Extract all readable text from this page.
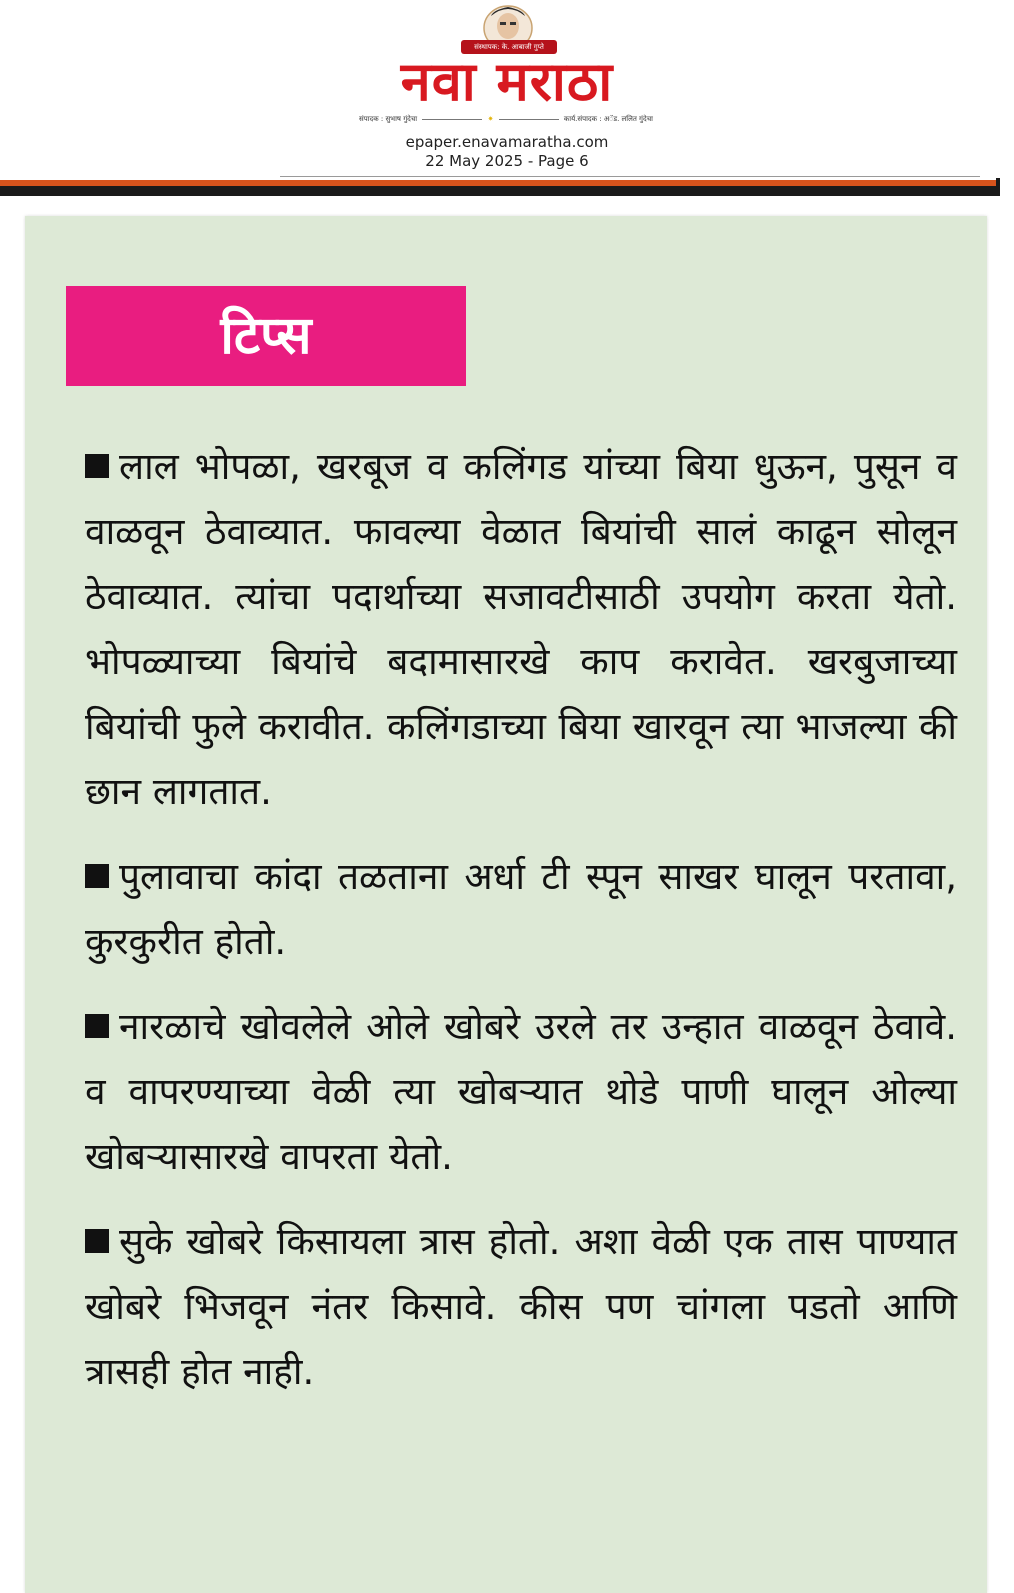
संस्थापक: के. आबाजी गुप्ते
नवा मराठा
संपादक : सुभाष गुंदेचा	✷	कार्य.संपादक : अॅड. ललित गुंदेचा
epaper.enavamaratha.com
22 May 2025 - Page 6
टिप्स

लाल भोपळा, खरबूज व कलिंगड यांच्या बिया धुऊन, पुसून व वाळवून ठेवाव्यात. फावल्या वेळात बियांची सालं काढून सोलून ठेवाव्यात. त्यांचा पदार्थाच्या सजावटीसाठी उपयोग करता येतो. भोपळ्याच्या बियांचे बदामासारखे काप करावेत. खरबुजाच्या बियांची फुले करावीत. कलिंगडाच्या बिया खारवून त्या भाजल्या की छान लागतात.

पुलावाचा कांदा तळताना अर्धा टी स्पून साखर घालून परतावा, कुरकुरीत होतो.

नारळाचे खोवलेले ओले खोबरे उरले तर उन्हात वाळवून ठेवावे. व वापरण्याच्या वेळी त्या खोबऱ्यात थोडे पाणी घालून ओल्या खोबऱ्यासारखे वापरता येतो.

सुके खोबरे किसायला त्रास होतो. अशा वेळी एक तास पाण्यात खोबरे भिजवून नंतर किसावे. कीस पण चांगला पडतो आणि त्रासही होत नाही.
